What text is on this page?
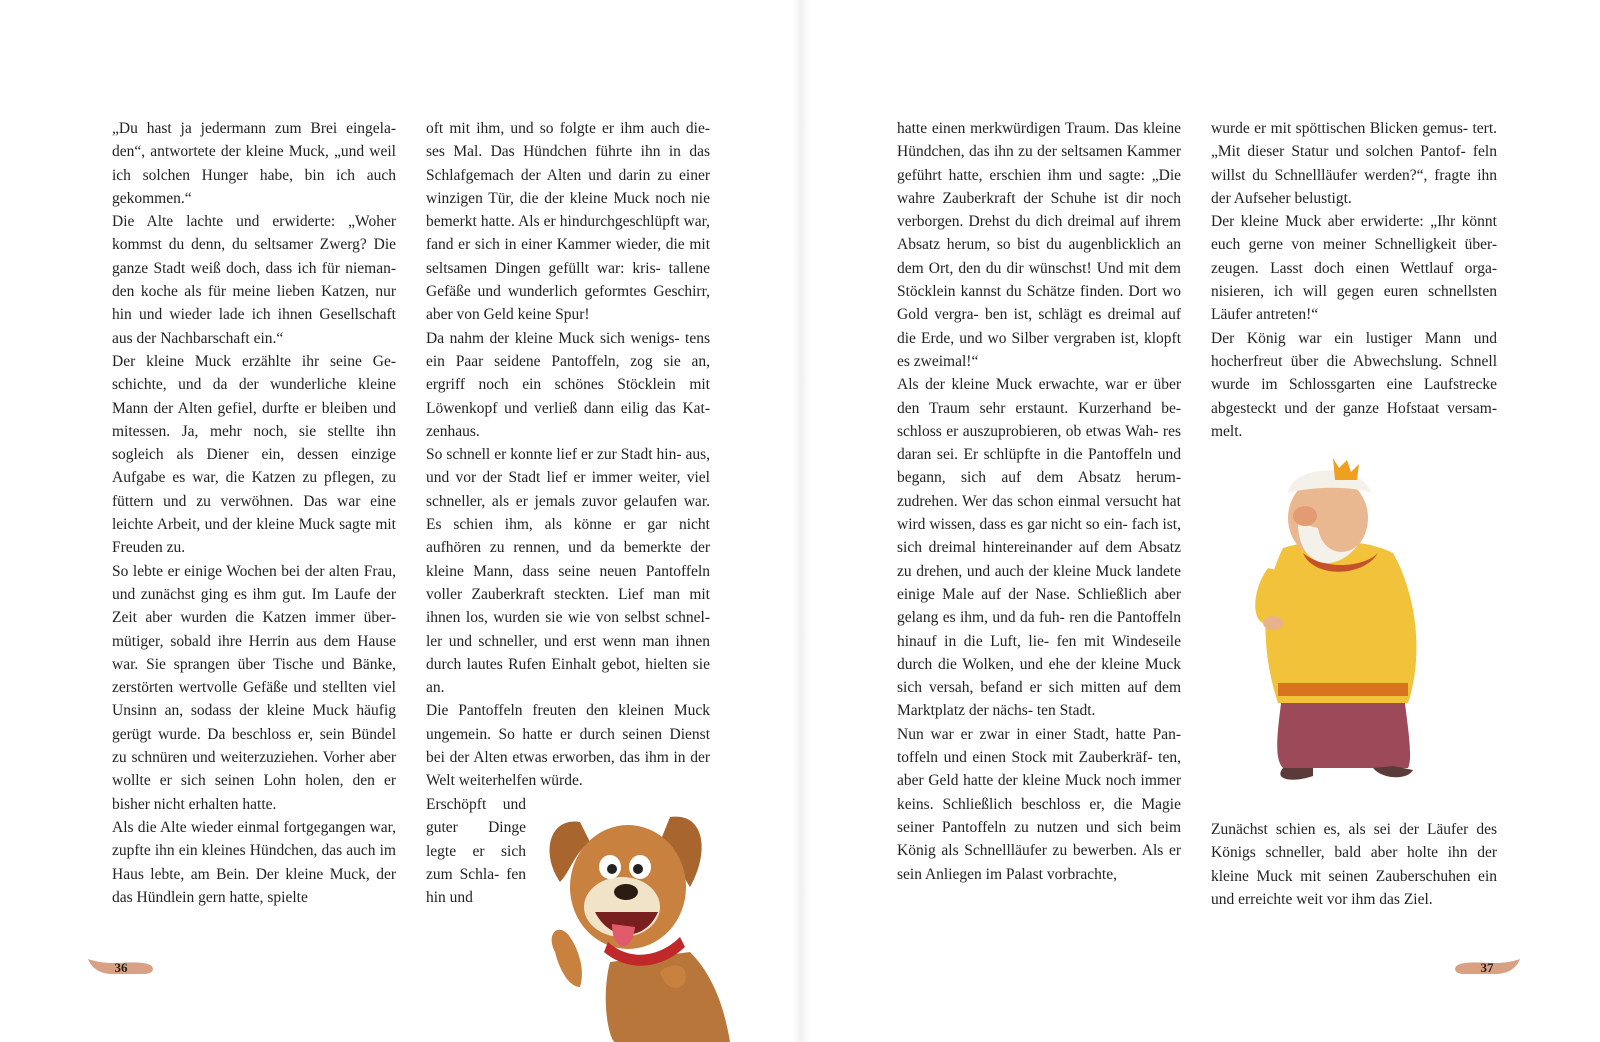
„Du hast ja jedermann zum Brei eingela- den“, antwortete der kleine Muck, „und weil ich solchen Hunger habe, bin ich auch gekommen.“

Die Alte lachte und erwiderte: „Woher kommst du denn, du seltsamer Zwerg? Die ganze Stadt weiß doch, dass ich für nieman- den koche als für meine lieben Katzen, nur hin und wieder lade ich ihnen Gesellschaft aus der Nachbarschaft ein.“

Der kleine Muck erzählte ihr seine Ge- schichte, und da der wunderliche kleine Mann der Alten gefiel, durfte er bleiben und mitessen. Ja, mehr noch, sie stellte ihn sogleich als Diener ein, dessen einzige Aufgabe es war, die Katzen zu pflegen, zu füttern und zu verwöhnen. Das war eine leichte Arbeit, und der kleine Muck sagte mit Freuden zu.

So lebte er einige Wochen bei der alten Frau, und zunächst ging es ihm gut. Im Laufe der Zeit aber wurden die Katzen immer über- mütiger, sobald ihre Herrin aus dem Hause war. Sie sprangen über Tische und Bänke, zerstörten wertvolle Gefäße und stellten viel Unsinn an, sodass der kleine Muck häufig gerügt wurde. Da beschloss er, sein Bündel zu schnüren und weiterzuziehen. Vorher aber wollte er sich seinen Lohn holen, den er bisher nicht erhalten hatte.

Als die Alte wieder einmal fortgegangen war, zupfte ihn ein kleines Hündchen, das auch im Haus lebte, am Bein. Der kleine Muck, der das Hündlein gern hatte, spielte

oft mit ihm, und so folgte er ihm auch die- ses Mal. Das Hündchen führte ihn in das Schlafgemach der Alten und darin zu einer winzigen Tür, die der kleine Muck noch nie bemerkt hatte. Als er hindurchgeschlüpft war, fand er sich in einer Kammer wieder, die mit seltsamen Dingen gefüllt war: kris- tallene Gefäße und wunderlich geformtes Geschirr, aber von Geld keine Spur!

Da nahm der kleine Muck sich wenigs- tens ein Paar seidene Pantoffeln, zog sie an, ergriff noch ein schönes Stöcklein mit Löwenkopf und verließ dann eilig das Kat- zenhaus.

So schnell er konnte lief er zur Stadt hin- aus, und vor der Stadt lief er immer weiter, viel schneller, als er jemals zuvor gelaufen war. Es schien ihm, als könne er gar nicht aufhören zu rennen, und da bemerkte der kleine Mann, dass seine neuen Pantoffeln voller Zauberkraft steckten. Lief man mit ihnen los, wurden sie wie von selbst schnel- ler und schneller, und erst wenn man ihnen durch lautes Rufen Einhalt gebot, hielten sie an.

Die Pantoffeln freuten den kleinen Muck ungemein. So hatte er durch seinen Dienst bei der Alten etwas erworben, das ihm in der Welt weiterhelfen würde.

Erschöpft und guter Dinge legte er sich zum Schla- fen hin und

36

hatte einen merkwürdigen Traum. Das kleine Hündchen, das ihn zu der seltsamen Kammer geführt hatte, erschien ihm und sagte: „Die wahre Zauberkraft der Schuhe ist dir noch verborgen. Drehst du dich dreimal auf ihrem Absatz herum, so bist du augenblicklich an dem Ort, den du dir wünschst! Und mit dem Stöcklein kannst du Schätze finden. Dort wo Gold vergra- ben ist, schlägt es dreimal auf die Erde, und wo Silber vergraben ist, klopft es zweimal!“

Als der kleine Muck erwachte, war er über den Traum sehr erstaunt. Kurzerhand be- schloss er auszuprobieren, ob etwas Wah- res daran sei. Er schlüpfte in die Pantoffeln und begann, sich auf dem Absatz herum- zudrehen. Wer das schon einmal versucht hat wird wissen, dass es gar nicht so ein- fach ist, sich dreimal hintereinander auf dem Absatz zu drehen, und auch der kleine Muck landete einige Male auf der Nase. Schließlich aber gelang es ihm, und da fuh- ren die Pantoffeln hinauf in die Luft, lie- fen mit Windeseile durch die Wolken, und ehe der kleine Muck sich versah, befand er sich mitten auf dem Marktplatz der nächs- ten Stadt.

Nun war er zwar in einer Stadt, hatte Pan- toffeln und einen Stock mit Zauberkräf- ten, aber Geld hatte der kleine Muck noch immer keins. Schließlich beschloss er, die Magie seiner Pantoffeln zu nutzen und sich beim König als Schnellläufer zu bewerben. Als er sein Anliegen im Palast vorbrachte,

wurde er mit spöttischen Blicken gemus- tert. „Mit dieser Statur und solchen Pantof- feln willst du Schnellläufer werden?“, fragte ihn der Aufseher belustigt.

Der kleine Muck aber erwiderte: „Ihr könnt euch gerne von meiner Schnelligkeit über- zeugen. Lasst doch einen Wettlauf orga- nisieren, ich will gegen euren schnellsten Läufer antreten!“

Der König war ein lustiger Mann und hocherfreut über die Abwechslung. Schnell wurde im Schlossgarten eine Laufstrecke abgesteckt und der ganze Hofstaat versam- melt.

Zunächst schien es, als sei der Läufer des Königs schneller, bald aber holte ihn der kleine Muck mit seinen Zauberschuhen ein und erreichte weit vor ihm das Ziel.

37
